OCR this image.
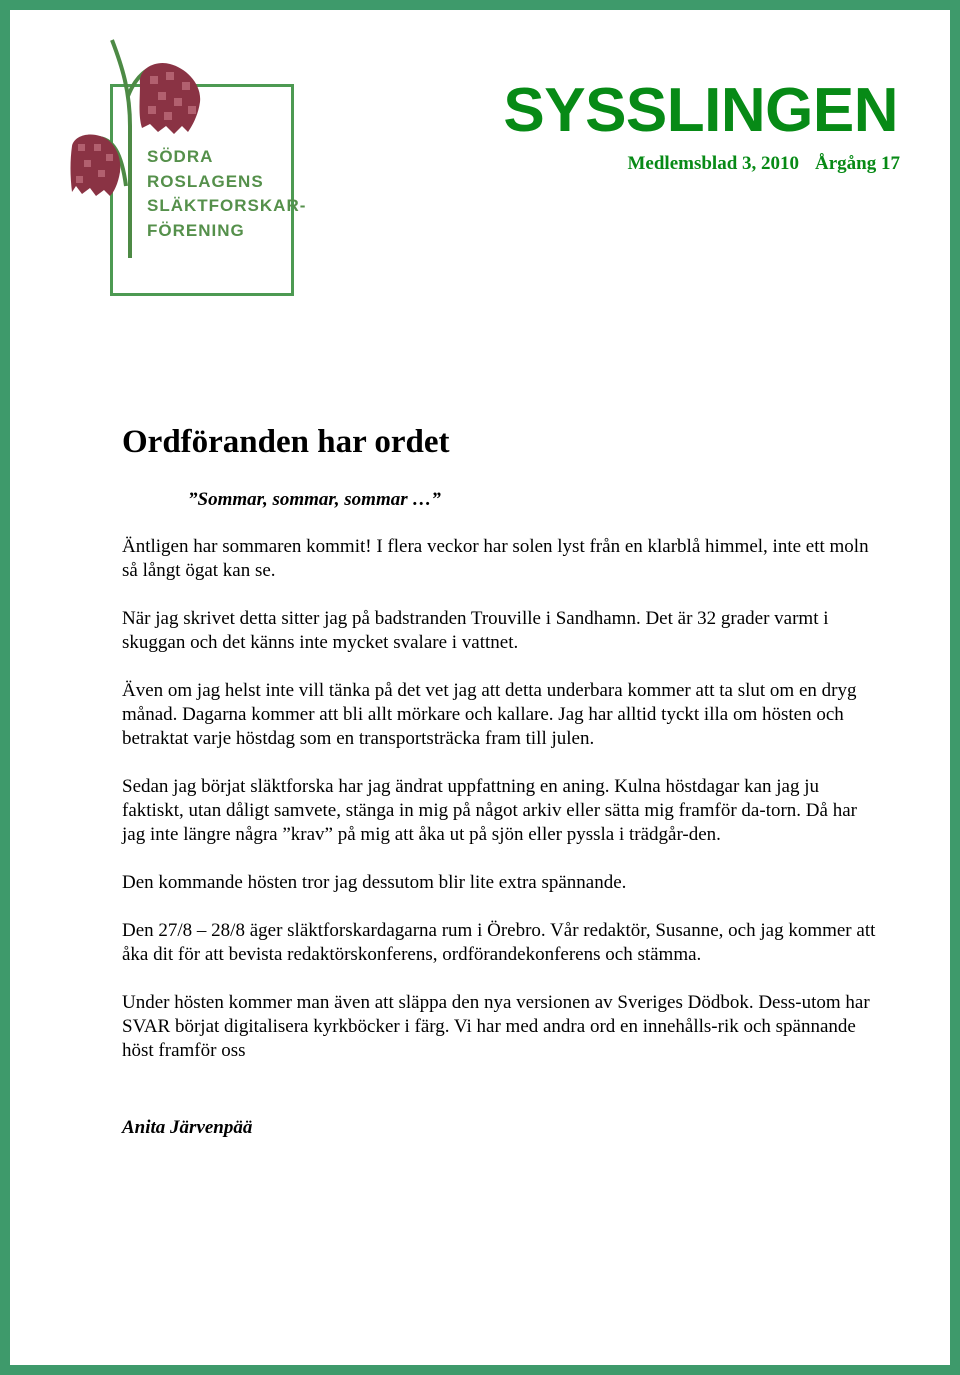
SÖDRA
ROSLAGENS
SLÄKTFORSKAR-
FÖRENING
SYSSLINGEN
Medlemsblad 3, 2010 Årgång 17
Ordföranden har ordet
”Sommar, sommar, sommar …”

Äntligen har sommaren kommit! I flera veckor har solen lyst från en klarblå himmel, inte ett moln så långt ögat kan se.

När jag skrivet detta sitter jag på badstranden Trouville i Sandhamn. Det är 32 grader varmt i skuggan och det känns inte mycket svalare i vattnet.

Även om jag helst inte vill tänka på det vet jag att detta underbara kommer att ta slut om en dryg månad. Dagarna kommer att bli allt mörkare och kallare. Jag har alltid tyckt illa om hösten och betraktat varje höstdag som en transportsträcka fram till julen.

Sedan jag börjat släktforska har jag ändrat uppfattning en aning. Kulna höstdagar kan jag ju faktiskt, utan dåligt samvete, stänga in mig på något arkiv eller sätta mig framför da-torn. Då har jag inte längre några ”krav” på mig att åka ut på sjön eller pyssla i trädgår-den.

Den kommande hösten tror jag dessutom blir lite extra spännande.

Den 27/8 – 28/8 äger släktforskardagarna rum i Örebro. Vår redaktör, Susanne, och jag kommer att åka dit för att bevista redaktörskonferens, ordförandekonferens och stämma.

Under hösten kommer man även att släppa den nya versionen av Sveriges Dödbok. Dess-utom har SVAR börjat digitalisera kyrkböcker i färg. Vi har med andra ord en innehålls-rik och spännande höst framför oss

Anita Järvenpää
